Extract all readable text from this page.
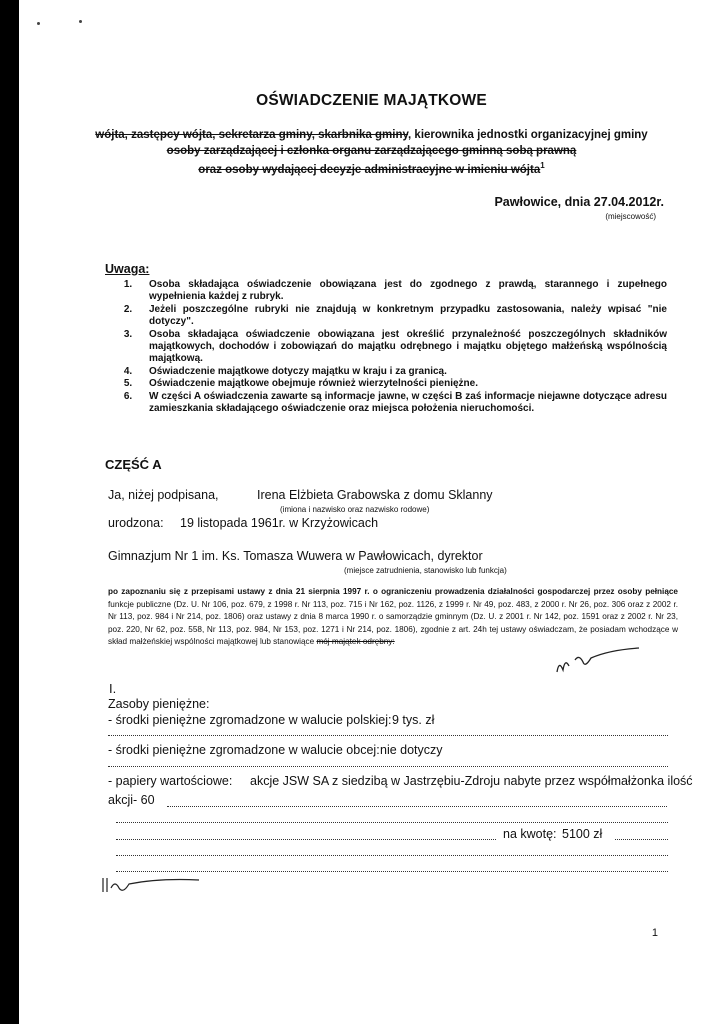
OŚWIADCZENIE MAJĄTKOWE
wójta, zastępcy wójta, sekretarza gminy, skarbnika gminy, kierownika jednostki organizacyjnej gminy
osoby zarządzającej i członka organu zarządzającego gminną sobą prawną
oraz osoby wydającej decyzje administracyjne w imieniu wójta$^1$
Pawłowice, dnia 27.04.2012r.
(miejscowość)
Uwaga:
1.	Osoba składająca oświadczenie obowiązana jest do zgodnego z prawdą, starannego i zupełnego wypełnienia każdej z rubryk.
2.	Jeżeli poszczególne rubryki nie znajdują w konkretnym przypadku zastosowania, należy wpisać "nie dotyczy".
3.	Osoba składająca oświadczenie obowiązana jest określić przynależność poszczególnych składników majątkowych, dochodów i zobowiązań do majątku odrębnego i majątku objętego małżeńską wspólnością majątkową.
4.	Oświadczenie majątkowe dotyczy majątku w kraju i za granicą.
5.	Oświadczenie majątkowe obejmuje również wierzytelności pieniężne.
6.	W części A oświadczenia zawarte są informacje jawne, w części B zaś informacje niejawne dotyczące adresu zamieszkania składającego oświadczenie oraz miejsca położenia nieruchomości.
CZĘŚĆ A
Ja, niżej podpisana,	Irena Elżbieta Grabowska z domu Sklanny
(imiona i nazwisko oraz nazwisko rodowe)
urodzona: 19 listopada 1961r. w Krzyżowicach
Gimnazjum Nr 1 im. Ks. Tomasza Wuwera w Pawłowicach, dyrektor
(miejsce zatrudnienia, stanowisko lub funkcja)
po zapoznaniu się z przepisami ustawy z dnia 21 sierpnia 1997 r. o ograniczeniu prowadzenia działalności gospodarczej przez osoby pełniące funkcje publiczne (Dz. U. Nr 106, poz. 679, z 1998 r. Nr 113, poz. 715 i Nr 162, poz. 1126, z 1999 r. Nr 49, poz. 483, z 2000 r. Nr 26, poz. 306 oraz z 2002 r. Nr 113, poz. 984 i Nr 214, poz. 1806) oraz ustawy z dnia 8 marca 1990 r. o samorządzie gminnym (Dz. U. z 2001 r. Nr 142, poz. 1591 oraz z 2002 r. Nr 23, poz. 220, Nr 62, poz. 558, Nr 113, poz. 984, Nr 153, poz. 1271 i Nr 214, poz. 1806), zgodnie z art. 24h tej ustawy oświadczam, że posiadam wchodzące w skład małżeńskiej wspólności majątkowej lub stanowiące mój majątek odrębny:
I.
Zasoby pieniężne:
- środki pieniężne zgromadzone w walucie polskiej: 9 tys. zł
- środki pieniężne zgromadzone w walucie obcej: nie dotyczy
- papiery wartościowe: akcje JSW SA z siedzibą w Jastrzębiu-Zdroju nabyte przez współmałżonka ilość
akcji- 60
na kwotę: 5100 zł
1
